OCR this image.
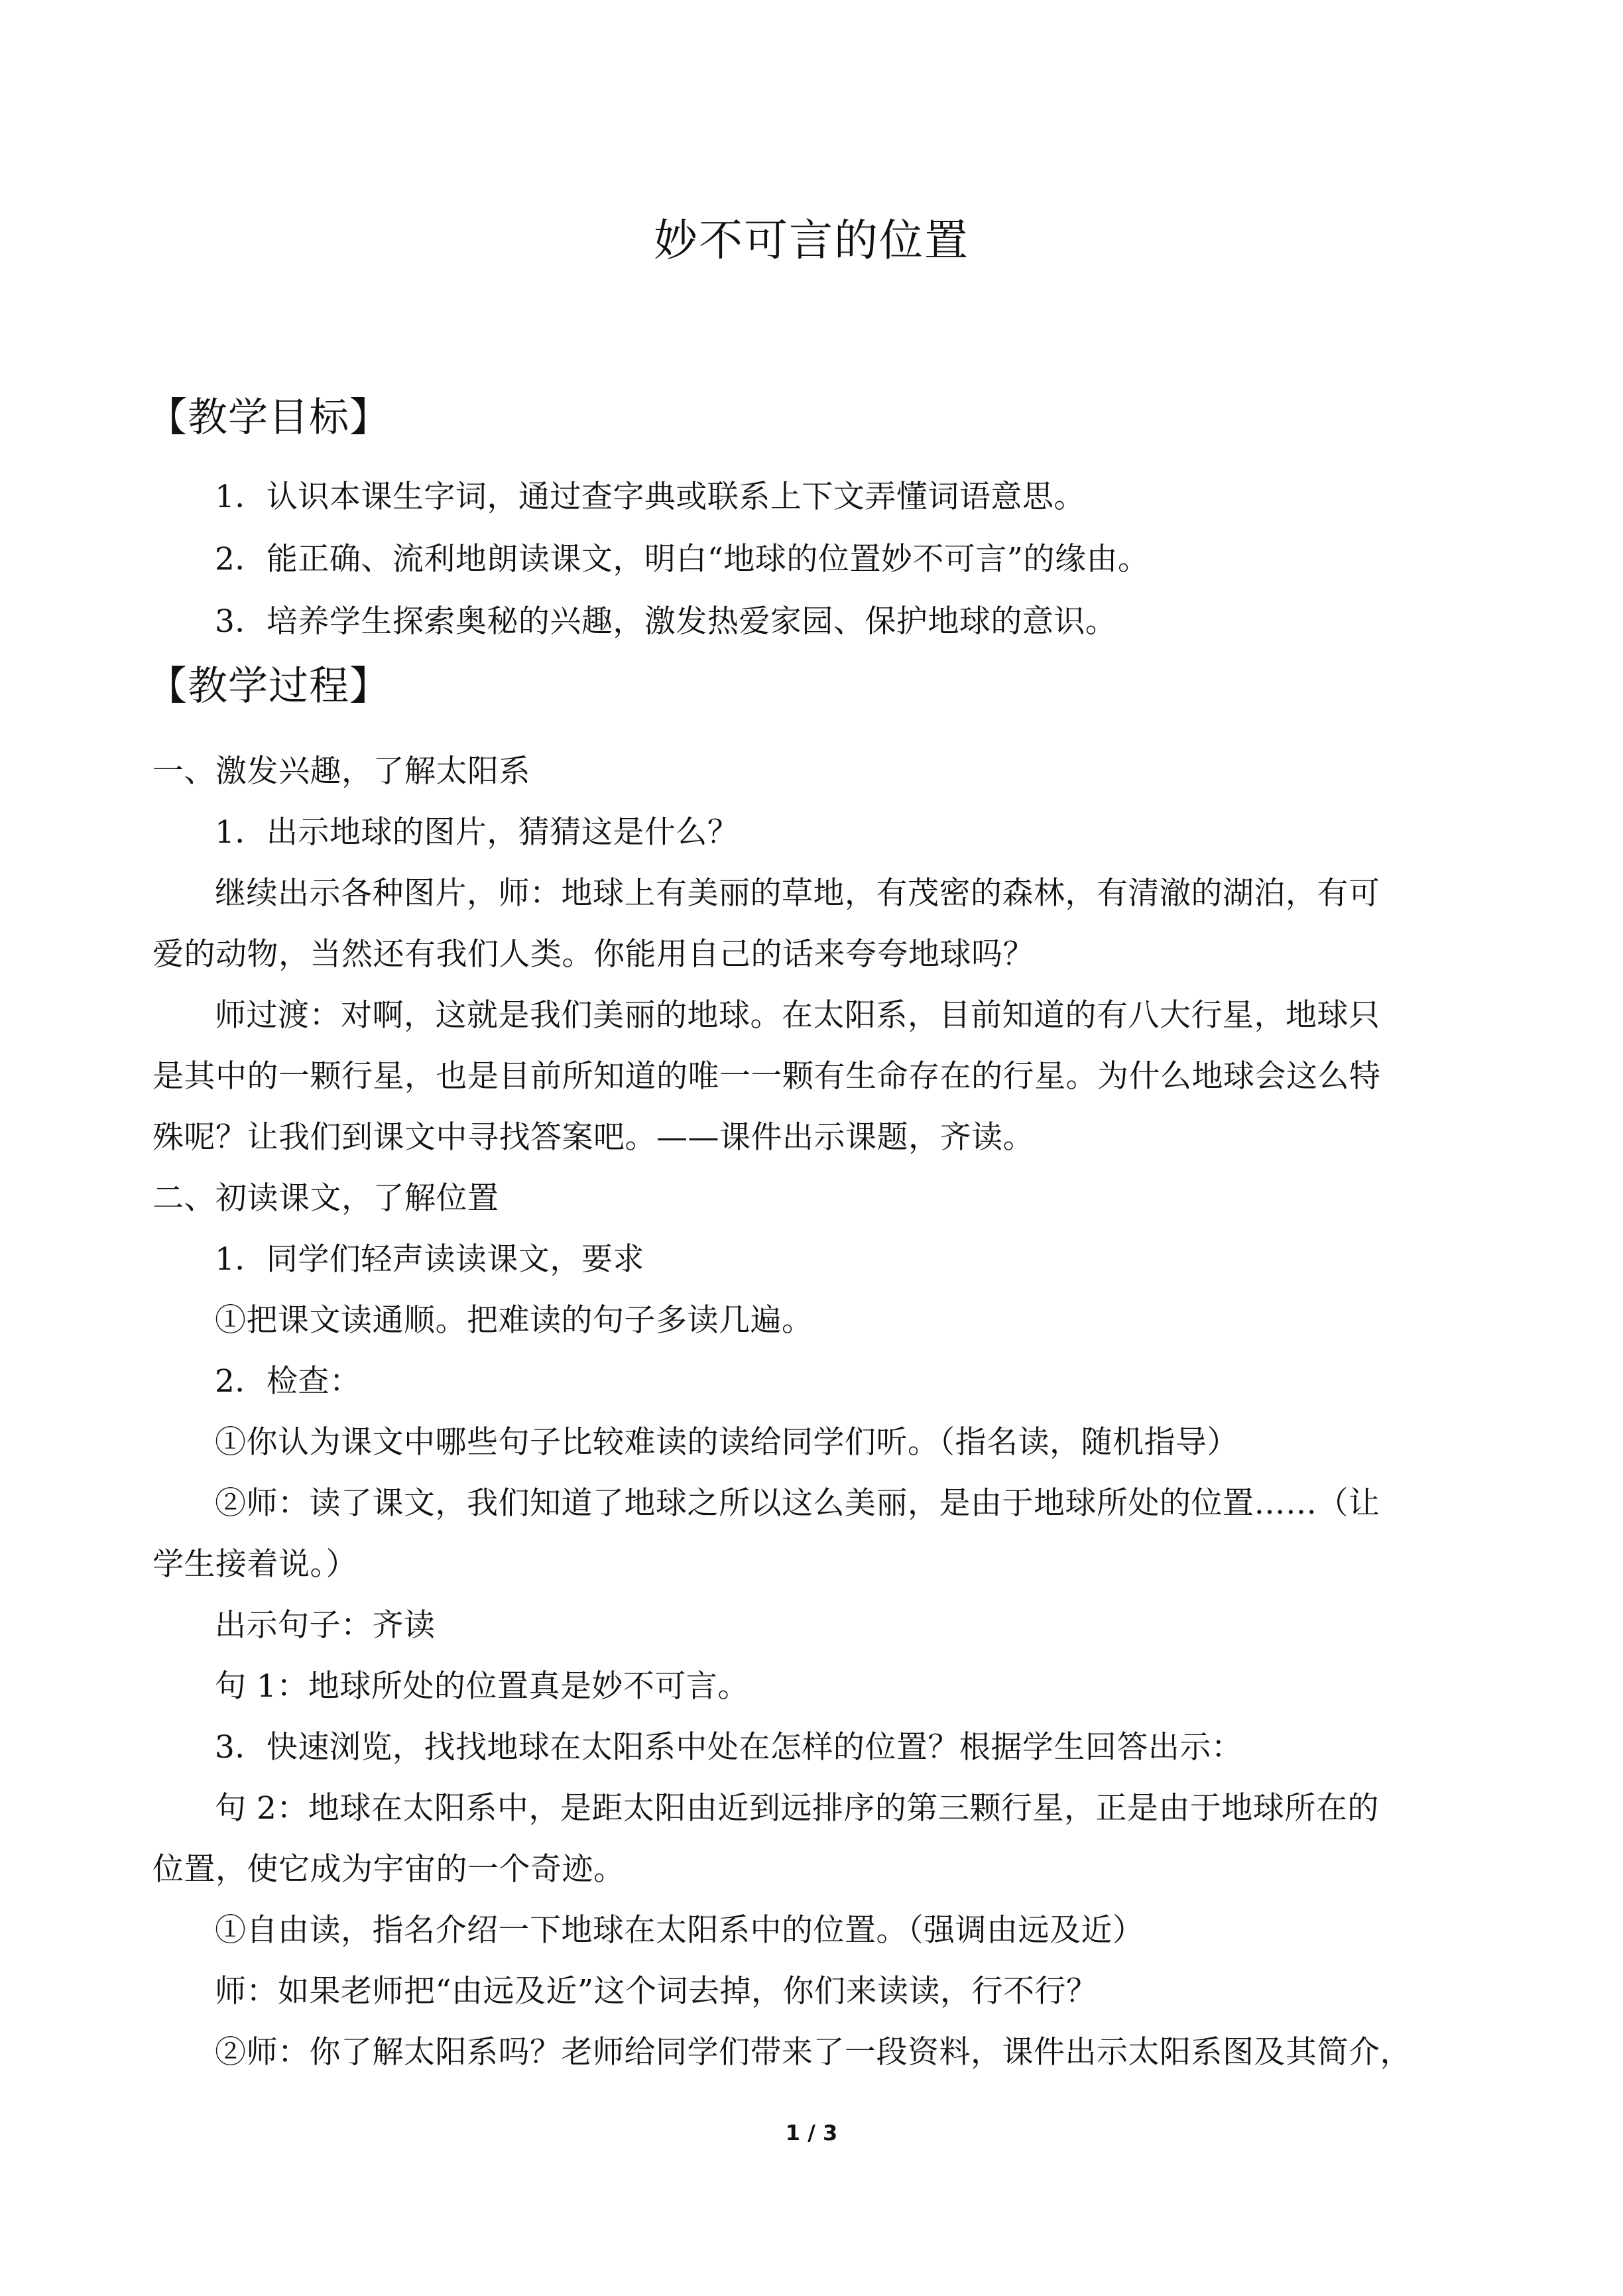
妙不可言的位置
【教学目标】
1．认识本课生字词，通过查字典或联系上下文弄懂词语意思。
2．能正确、流利地朗读课文，明白“地球的位置妙不可言”的缘由。
3．培养学生探索奥秘的兴趣，激发热爱家园、保护地球的意识。
【教学过程】
一、激发兴趣，了解太阳系
1．出示地球的图片，猜猜这是什么？
继续出示各种图片，师：地球上有美丽的草地，有茂密的森林，有清澈的湖泊，有可
爱的动物，当然还有我们人类。你能用自己的话来夸夸地球吗？
师过渡：对啊，这就是我们美丽的地球。在太阳系，目前知道的有八大行星，地球只
是其中的一颗行星，也是目前所知道的唯一一颗有生命存在的行星。为什么地球会这么特
殊呢？让我们到课文中寻找答案吧。——课件出示课题，齐读。
二、初读课文，了解位置
1．同学们轻声读读课文，要求
①把课文读通顺。把难读的句子多读几遍。
2．检查：
①你认为课文中哪些句子比较难读的读给同学们听。（指名读，随机指导）
②师：读了课文，我们知道了地球之所以这么美丽，是由于地球所处的位置……（让
学生接着说。）
出示句子：齐读
句 1：地球所处的位置真是妙不可言。
3．快速浏览，找找地球在太阳系中处在怎样的位置？根据学生回答出示：
句 2：地球在太阳系中，是距太阳由近到远排序的第三颗行星，正是由于地球所在的
位置，使它成为宇宙的一个奇迹。
①自由读，指名介绍一下地球在太阳系中的位置。（强调由远及近）
师：如果老师把“由远及近”这个词去掉，你们来读读，行不行？
②师：你了解太阳系吗？老师给同学们带来了一段资料，课件出示太阳系图及其简介，
1 / 3
